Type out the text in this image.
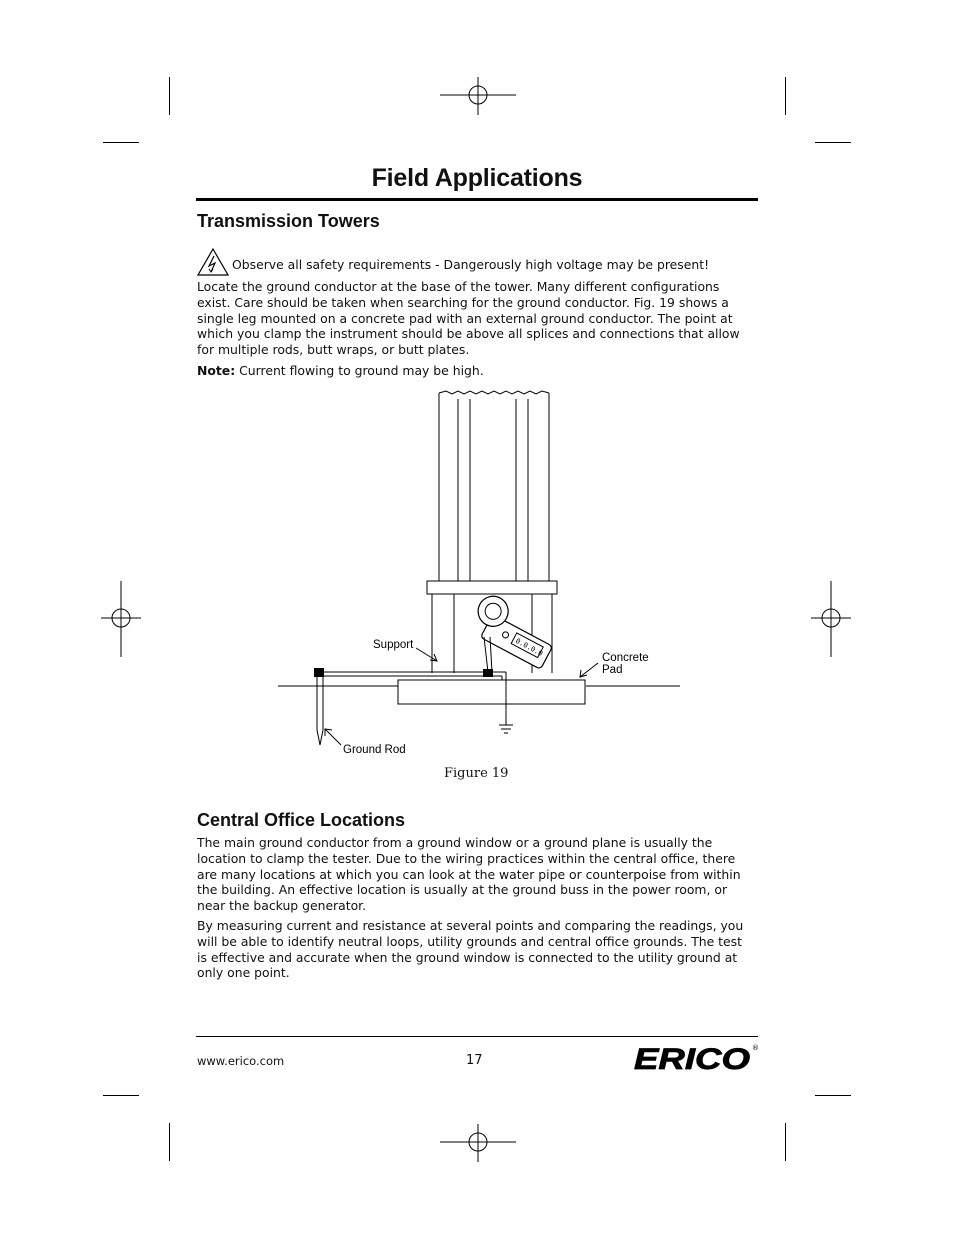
Field Applications
Transmission Towers
Observe all safety requirements - Dangerously high voltage may be present!
Locate the ground conductor at the base of the tower. Many different configurations exist. Care should be taken when searching for the ground conductor. Fig. 19 shows a single leg mounted on a concrete pad with an external ground conductor. The point at which you clamp the instrument should be above all splices and connections that allow for multiple rods, butt wraps, or butt plates.
Note: Current flowing to ground may be high.
0.0.0.0
Support
Concrete
Pad
Ground Rod
Figure 19
Central Office Locations
The main ground conductor from a ground window or a ground plane is usually the location to clamp the tester. Due to the wiring practices within the central office, there are many locations at which you can look at the water pipe or counterpoise from within the building. An effective location is usually at the ground buss in the power room, or near the backup generator.
By measuring current and resistance at several points and comparing the readings, you will be able to identify neutral loops, utility grounds and central office grounds. The test is effective and accurate when the ground window is connected to the utility ground at only one point.
www.erico.com	17	ERICO ®
